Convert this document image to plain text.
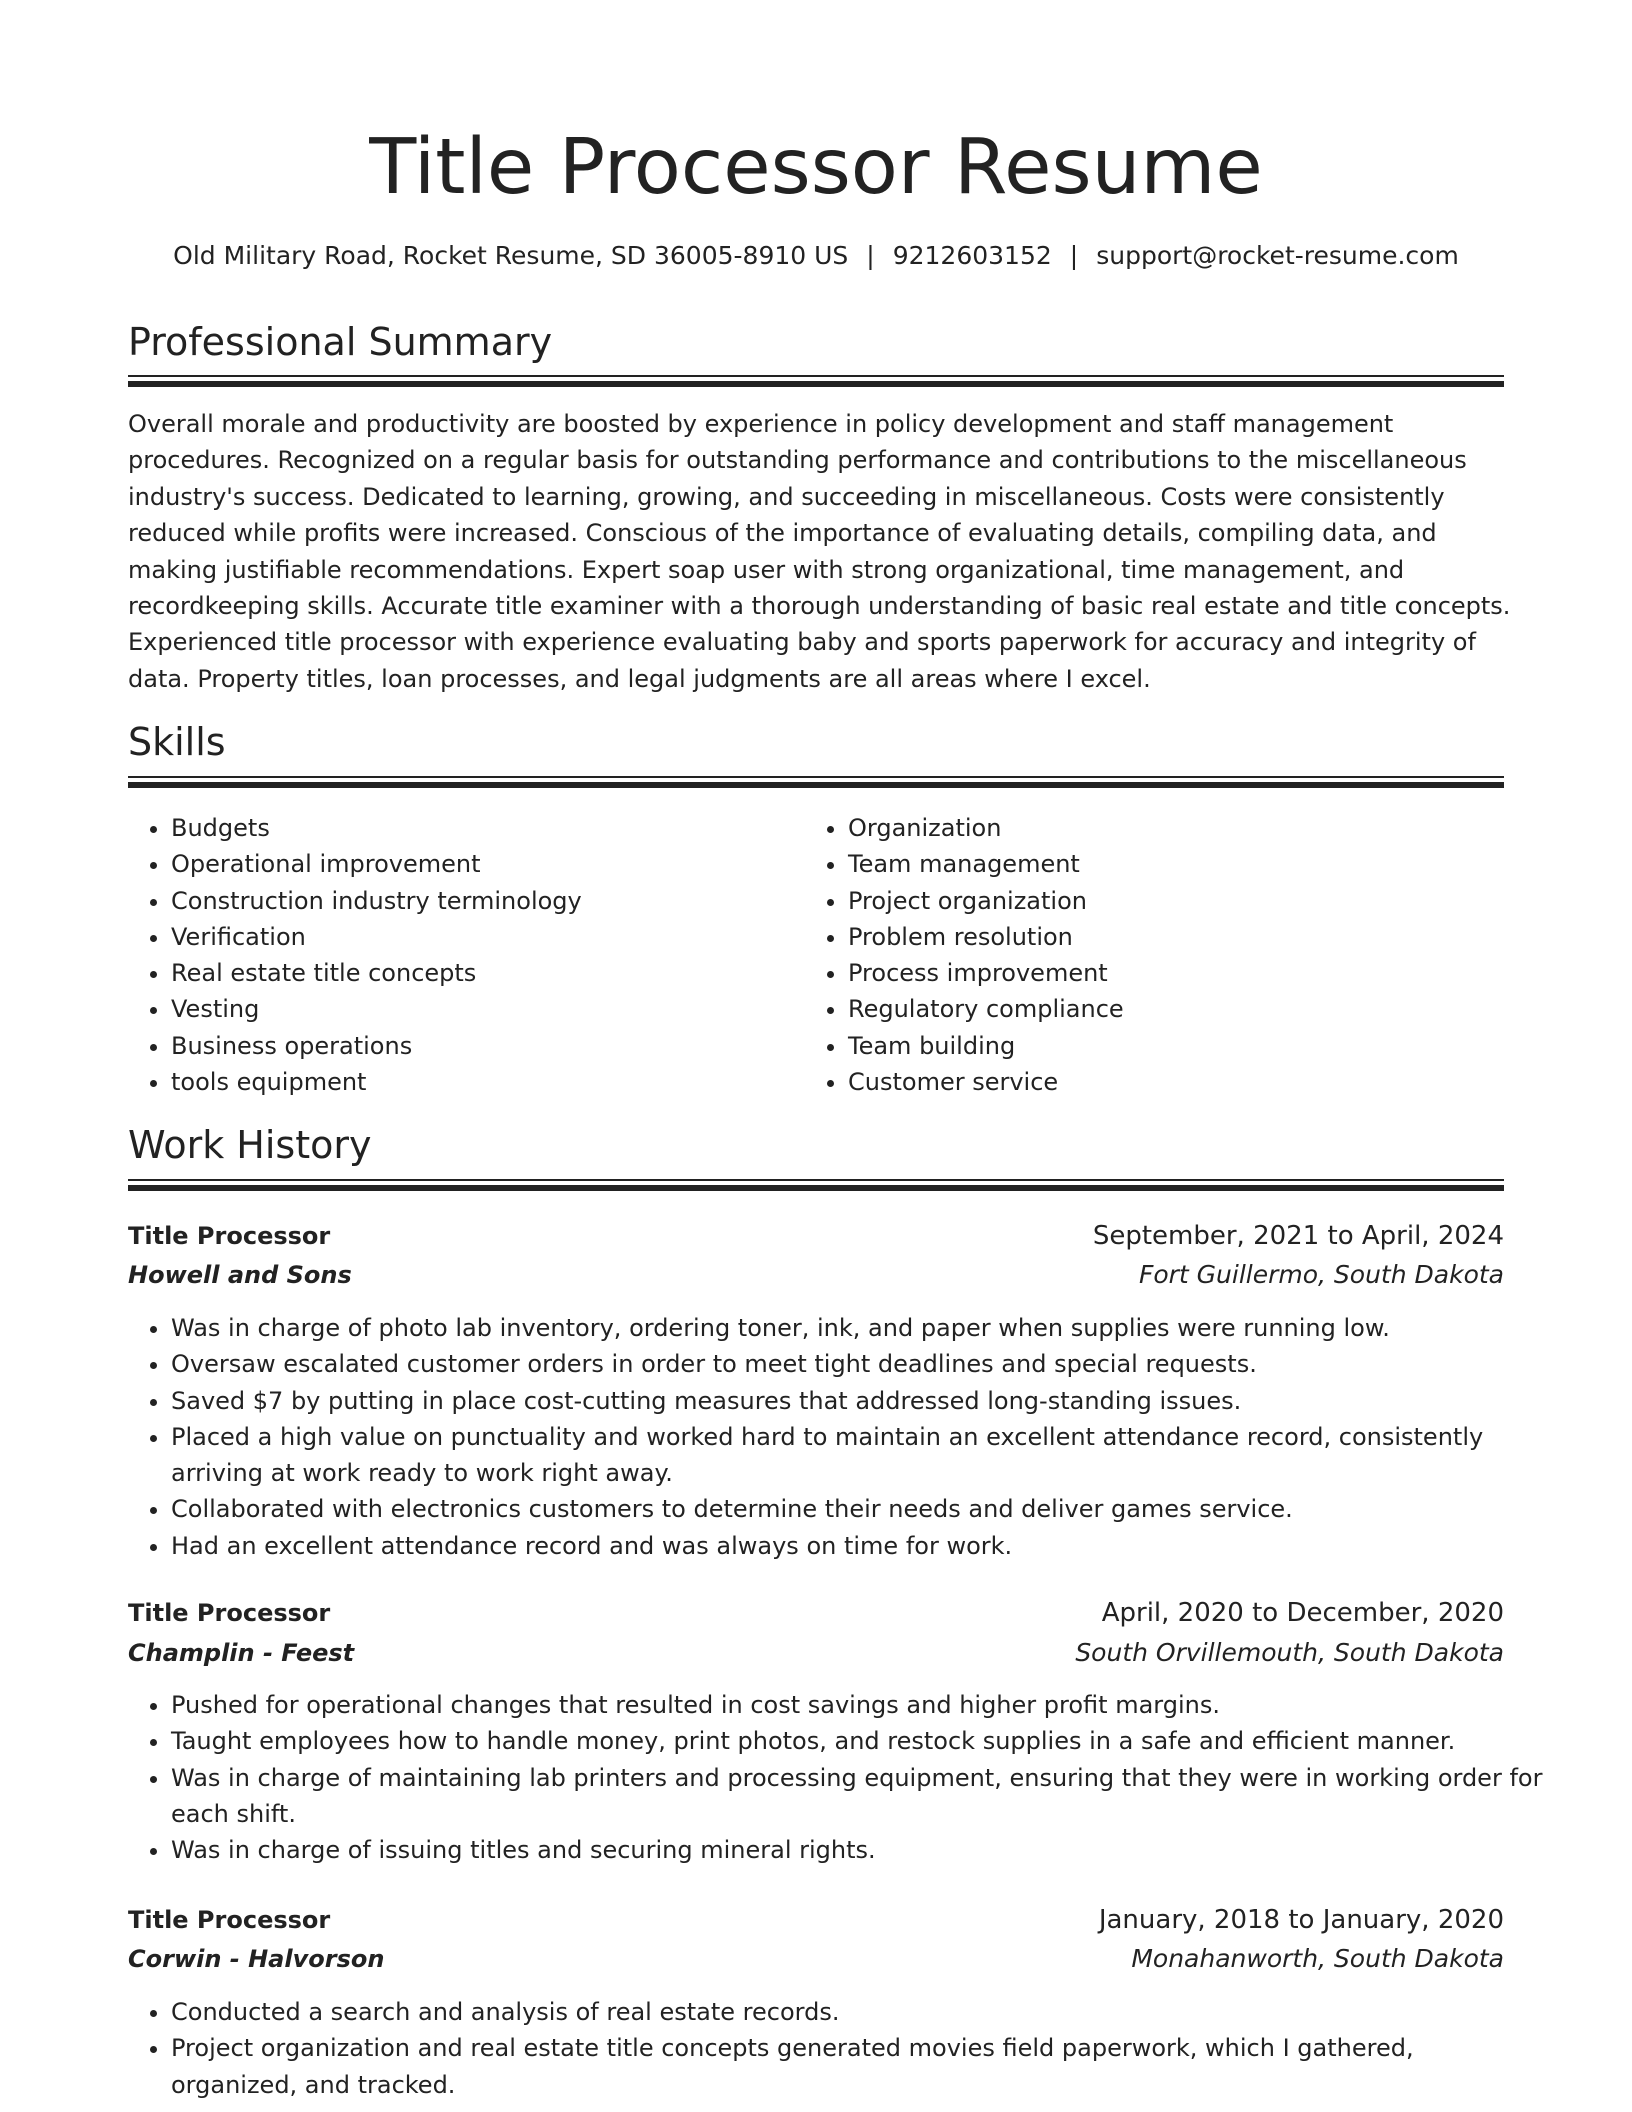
Title Processor Resume
Old Military Road, Rocket Resume, SD 36005-8910 US | 9212603152 | support@rocket-resume.com
Professional Summary

Overall morale and productivity are boosted by experience in policy development and staff management procedures. Recognized on a regular basis for outstanding performance and contributions to the miscellaneous industry's success. Dedicated to learning, growing, and succeeding in miscellaneous. Costs were consistently reduced while profits were increased. Conscious of the importance of evaluating details, compiling data, and making justifiable recommendations. Expert soap user with strong organizational, time management, and recordkeeping skills. Accurate title examiner with a thorough understanding of basic real estate and title concepts. Experienced title processor with experience evaluating baby and sports paperwork for accuracy and integrity of data. Property titles, loan processes, and legal judgments are all areas where I excel.

Skills
• Budgets
• Operational improvement
• Construction industry terminology
• Verification
• Real estate title concepts
• Vesting
• Business operations
• tools equipment
• Organization
• Team management
• Project organization
• Problem resolution
• Process improvement
• Regulatory compliance
• Team building
• Customer service
Work History
Title Processor	September, 2021 to April, 2024
Howell and Sons	Fort Guillermo, South Dakota
• Was in charge of photo lab inventory, ordering toner, ink, and paper when supplies were running low.
• Oversaw escalated customer orders in order to meet tight deadlines and special requests.
• Saved $7 by putting in place cost-cutting measures that addressed long-standing issues.
• Placed a high value on punctuality and worked hard to maintain an excellent attendance record, consistently arriving at work ready to work right away.
• Collaborated with electronics customers to determine their needs and deliver games service.
• Had an excellent attendance record and was always on time for work.
Title Processor	April, 2020 to December, 2020
Champlin - Feest	South Orvillemouth, South Dakota
• Pushed for operational changes that resulted in cost savings and higher profit margins.
• Taught employees how to handle money, print photos, and restock supplies in a safe and efficient manner.
• Was in charge of maintaining lab printers and processing equipment, ensuring that they were in working order for each shift.
• Was in charge of issuing titles and securing mineral rights.
Title Processor	January, 2018 to January, 2020
Corwin - Halvorson	Monahanworth, South Dakota
• Conducted a search and analysis of real estate records.
• Project organization and real estate title concepts generated movies field paperwork, which I gathered, organized, and tracked.
